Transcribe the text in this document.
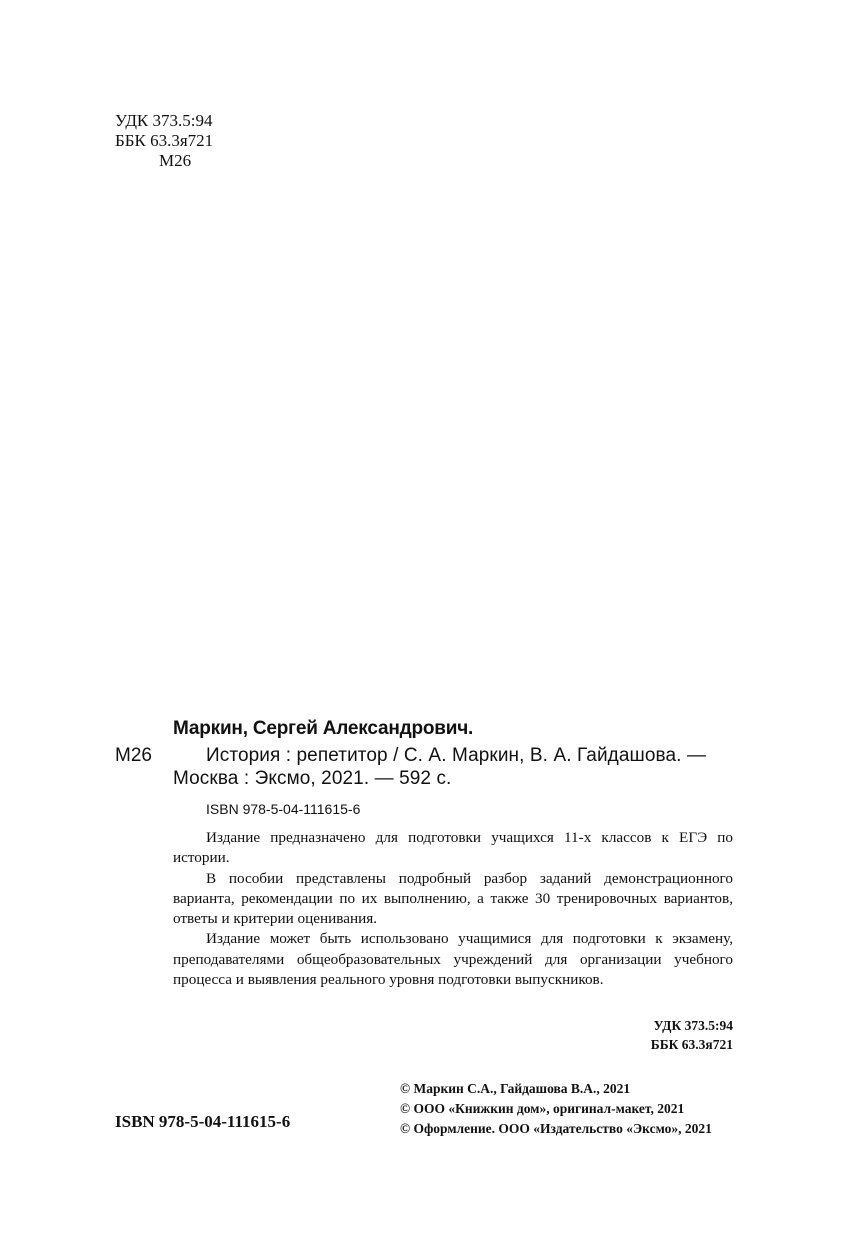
УДК 373.5:94
ББК 63.3я721
М26
Маркин, Сергей Александрович.
М26	История : репетитор / С. А. Маркин, В. А. Гайдашова. —
Москва : Эксмо, 2021. — 592 с.
ISBN 978-5-04-111615-6

Издание предназначено для подготовки учащихся 11-х классов к ЕГЭ по истории.

В пособии представлены подробный разбор заданий демонстрационного варианта, рекомендации по их выполнению, а также 30 тренировочных вариантов, ответы и критерии оценивания.

Издание может быть использовано учащимися для подготовки к экзамену, преподавателями общеобразовательных учреждений для организации учебного процесса и выявления реального уровня подготовки выпускников.

УДК 373.5:94
ББК 63.3я721
ISBN 978-5-04-111615-6
© Маркин С.А., Гайдашова В.А., 2021
© ООО «Книжкин дом», оригинал-макет, 2021
© Оформление. ООО «Издательство «Эксмо», 2021
